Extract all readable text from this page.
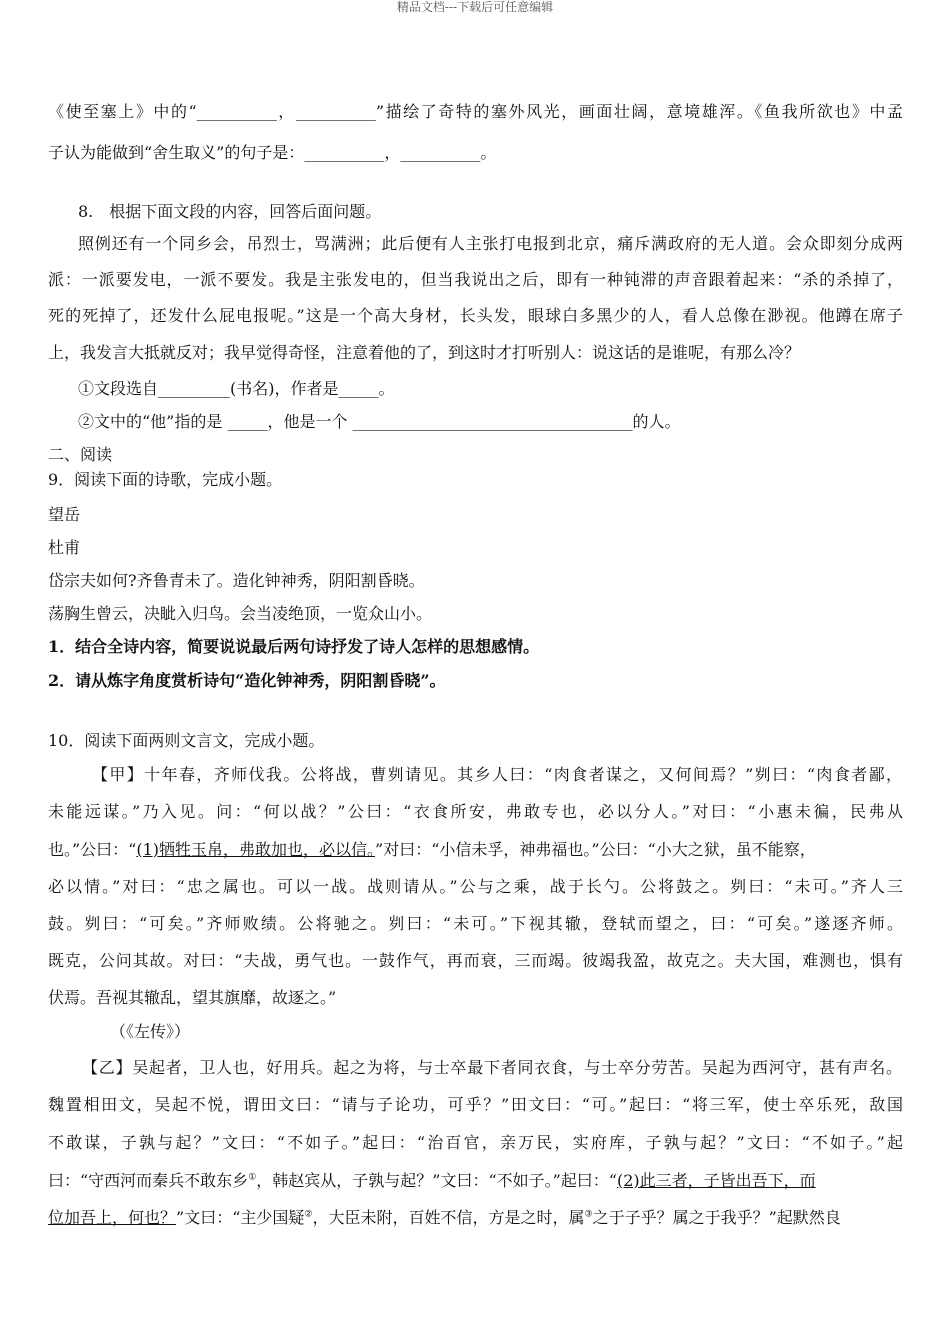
精品文档---下载后可任意编辑
《使至塞上》中的“__________，__________”描绘了奇特的塞外风光，画面壮阔，意境雄浑。《鱼我所欲也》中孟
子认为能做到“舍生取义”的句子是：__________，__________。
8.　根据下面文段的内容，回答后面问题。
照例还有一个同乡会，吊烈士，骂满洲；此后便有人主张打电报到北京，痛斥满政府的无人道。会众即刻分成两
派：一派要发电，一派不要发。我是主张发电的，但当我说出之后，即有一种钝滞的声音跟着起来：“杀的杀掉了，
死的死掉了，还发什么屁电报呢。”这是一个高大身材，长头发，眼球白多黑少的人，看人总像在渺视。他蹲在席子
上，我发言大抵就反对；我早觉得奇怪，注意着他的了，到这时才打听别人：说这话的是谁呢，有那么冷？
①文段选自_________(书名)，作者是_____。
②文中的“他”指的是 _____，他是一个 ___________________________________的人。
二、阅读
9．阅读下面的诗歌，完成小题。
望岳
杜甫
岱宗夫如何?齐鲁青未了。造化钟神秀，阴阳割昏晓。
荡胸生曾云，决眦入归鸟。会当凌绝顶，一览众山小。
1．结合全诗内容，简要说说最后两句诗抒发了诗人怎样的思想感情。
2．请从炼字角度赏析诗句“造化钟神秀，阴阳割昏晓”。
10．阅读下面两则文言文，完成小题。
【甲】十年春，齐师伐我。公将战，曹刿请见。其乡人曰：“肉食者谋之，又何间焉？”刿曰：“肉食者鄙，
未能远谋。”乃入见。问：“何以战？”公曰：“衣食所安，弗敢专也，必以分人。”对曰：“小惠未徧，民弗从
也。”公曰：“(1)牺牲玉帛，弗敢加也，必以信。”对曰：“小信未孚，神弗福也。”公曰：“小大之狱，虽不能察，
必以情。”对曰：“忠之属也。可以一战。战则请从。”公与之乘，战于长勺。公将鼓之。刿曰：“未可。”齐人三
鼓。刿曰：“可矣。”齐师败绩。公将驰之。刿曰：“未可。”下视其辙，登轼而望之，曰：“可矣。”遂逐齐师。
既克，公问其故。对曰：“夫战，勇气也。一鼓作气，再而衰，三而竭。彼竭我盈，故克之。夫大国，难测也，惧有
伏焉。吾视其辙乱，望其旗靡，故逐之。”
（《左传》）
【乙】吴起者，卫人也，好用兵。起之为将，与士卒最下者同衣食，与士卒分劳苦。吴起为西河守，甚有声名。
魏置相田文，吴起不悦，谓田文曰：“请与子论功，可乎？”田文曰：“可。”起曰：“将三军，使士卒乐死，敌国
不敢谋，子孰与起？”文曰：“不如子。”起曰：“治百官，亲万民，实府库，子孰与起？”文曰：“不如子。”起
曰：“守西河而秦兵不敢东乡①，韩赵宾从，子孰与起？”文曰：“不如子。”起曰：“(2)此三者，子皆出吾下，而
位加吾上，何也？”文曰：“主少国疑②，大臣未附，百姓不信，方是之时，属③之于子乎？属之于我乎？”起默然良
